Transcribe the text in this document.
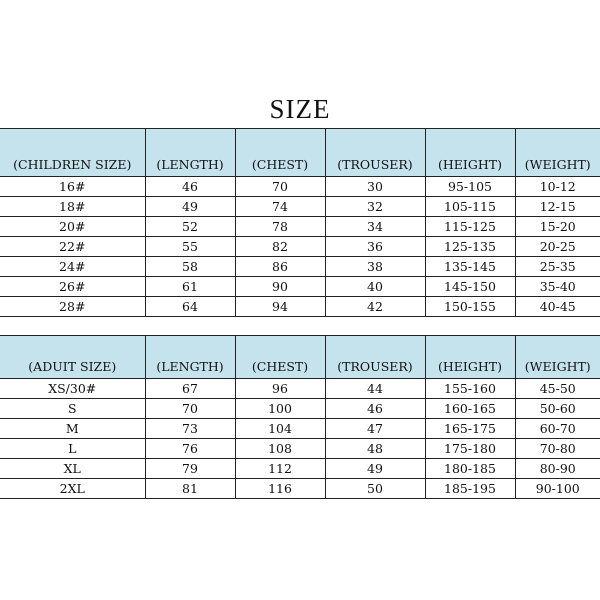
SIZE
(CHILDREN SIZE)	(LENGTH)	(CHEST)	(TROUSER)	(HEIGHT)	(WEIGHT)
16#	46	70	30	95-105	10-12
18#	49	74	32	105-115	12-15
20#	52	78	34	115-125	15-20
22#	55	82	36	125-135	20-25
24#	58	86	38	135-145	25-35
26#	61	90	40	145-150	35-40
28#	64	94	42	150-155	40-45
(ADUIT SIZE)	(LENGTH)	(CHEST)	(TROUSER)	(HEIGHT)	(WEIGHT)
XS/30#	67	96	44	155-160	45-50
S	70	100	46	160-165	50-60
M	73	104	47	165-175	60-70
L	76	108	48	175-180	70-80
XL	79	112	49	180-185	80-90
2XL	81	116	50	185-195	90-100
